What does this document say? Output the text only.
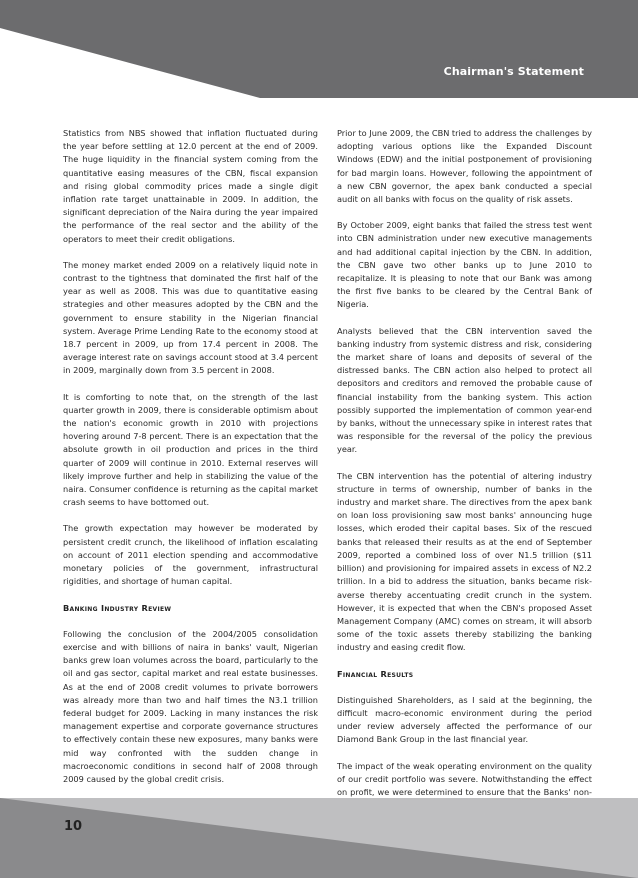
Chairman's Statement

Statistics from NBS showed that inflation fluctuated during the year before settling at 12.0 percent at the end of 2009. The huge liquidity in the financial system coming from the quantitative easing measures of the CBN, fiscal expansion and rising global commodity prices made a single digit inflation rate target unattainable in 2009. In addition, the significant depreciation of the Naira during the year impaired the performance of the real sector and the ability of the operators to meet their credit obligations.

The money market ended 2009 on a relatively liquid note in contrast to the tightness that dominated the first half of the year as well as 2008. This was due to quantitative easing strategies and other measures adopted by the CBN and the government to ensure stability in the Nigerian financial system. Average Prime Lending Rate to the economy stood at 18.7 percent in 2009, up from 17.4 percent in 2008. The average interest rate on savings account stood at 3.4 percent in 2009, marginally down from 3.5 percent in 2008.

It is comforting to note that, on the strength of the last quarter growth in 2009, there is considerable optimism about the nation's economic growth in 2010 with projections hovering around 7-8 percent. There is an expectation that the absolute growth in oil production and prices in the third quarter of 2009 will continue in 2010. External reserves will likely improve further and help in stabilizing the value of the naira. Consumer confidence is returning as the capital market crash seems to have bottomed out.

The growth expectation may however be moderated by persistent credit crunch, the likelihood of inflation escalating on account of 2011 election spending and accommodative monetary policies of the government, infrastructural rigidities, and shortage of human capital.

Banking Industry Review

Following the conclusion of the 2004/2005 consolidation exercise and with billions of naira in banks' vault, Nigerian banks grew loan volumes across the board, particularly to the oil and gas sector, capital market and real estate businesses. As at the end of 2008 credit volumes to private borrowers was already more than two and half times the N3.1 trillion federal budget for 2009. Lacking in many instances the risk management expertise and corporate governance structures to effectively contain these new exposures, many banks were mid way confronted with the sudden change in macroeconomic conditions in second half of 2008 through 2009 caused by the global credit crisis.

Prior to June 2009, the CBN tried to address the challenges by adopting various options like the Expanded Discount Windows (EDW) and the initial postponement of provisioning for bad margin loans. However, following the appointment of a new CBN governor, the apex bank conducted a special audit on all banks with focus on the quality of risk assets.

By October 2009, eight banks that failed the stress test went into CBN administration under new executive managements and had additional capital injection by the CBN. In addition, the CBN gave two other banks up to June 2010 to recapitalize. It is pleasing to note that our Bank was among the first five banks to be cleared by the Central Bank of Nigeria.

Analysts believed that the CBN intervention saved the banking industry from systemic distress and risk, considering the market share of loans and deposits of several of the distressed banks. The CBN action also helped to protect all depositors and creditors and removed the probable cause of financial instability from the banking system. This action possibly supported the implementation of common year-end by banks, without the unnecessary spike in interest rates that was responsible for the reversal of the policy the previous year.

The CBN intervention has the potential of altering industry structure in terms of ownership, number of banks in the industry and market share. The directives from the apex bank on loan loss provisioning saw most banks' announcing huge losses, which eroded their capital bases. Six of the rescued banks that released their results as at the end of September 2009, reported a combined loss of over N1.5 trillion ($11 billion) and provisioning for impaired assets in excess of N2.2 trillion. In a bid to address the situation, banks became risk-averse thereby accentuating credit crunch in the system. However, it is expected that when the CBN's proposed Asset Management Company (AMC) comes on stream, it will absorb some of the toxic assets thereby stabilizing the banking industry and easing credit flow.

Financial Results

Distinguished Shareholders, as I said at the beginning, the difficult macro-economic environment during the period under review adversely affected the performance of our Diamond Bank Group in the last financial year.

The impact of the weak operating environment on the quality of our credit portfolio was severe. Notwithstanding the effect on profit, we were determined to ensure that the Banks' non-

10
